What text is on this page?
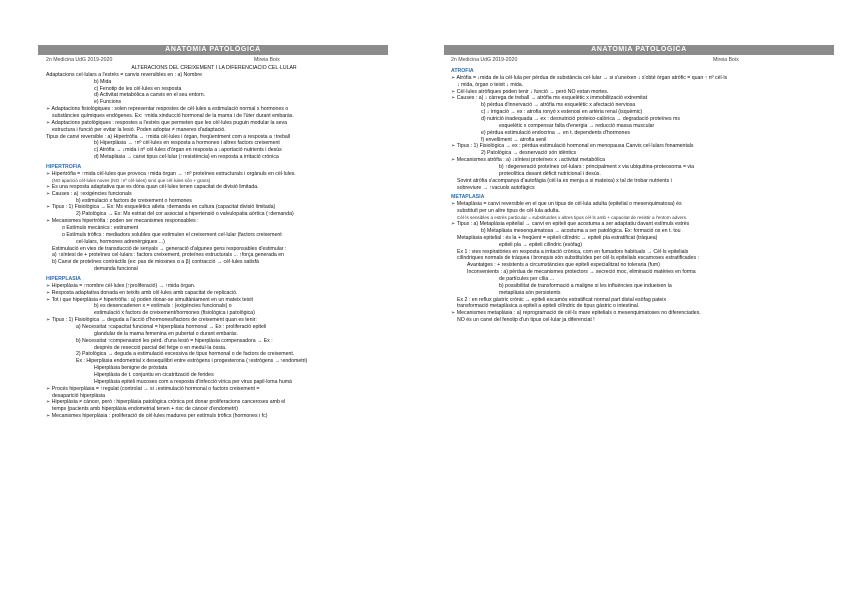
ANATOMIA PATOLÒGICA
2n Medicina UdG 2019-2020	Mireia Boix
ALTERACIONS DEL CREIXEMENT I LA DIFERENCIACIÓ CEL·LULAR
Adaptacions cel·lulars a l'estrès = canvis reversibles en : a) Nombre
b) Mida
c) Fenotip de les cèl·lules en resposta
d) Activitat metabòlica a canvis en el seu entorn.
e) Funcions
➢ Adaptacions fisiològiques : solen representar respostes de cèl·lules a estimulació normal x hormones o
substàncies químiques endògenes. Ex: ↑mida xinducció hormonal de la mama i de l'úter durant embaràs.
➢ Adaptacions patològiques : respostes a l'estrès que permeten que les cèl·lules puguin modular la seva
estructura i funció per evitar la lesió. Poden adoptar ≠ maneres d'adaptació.
Tipus de canvi reversible : a) Hipertròfia → ↑mida cèl·lules i òrgan, freqüentment com a resposta a ↑treball
b) Hiperplàsia → ↑nº cèl·lules en resposta a hormones i altres factors creixement
c) Atròfia → ↓mida i nº cèl·lules d'òrgan en resposta a ↓aportació nutrients i desús
d) Metaplàsia → canvi tipus cel·lular (↑resistència) en resposta a irritació crònica
HIPERTRÒFIA
➢ Hipertròfia = ↑mida cèl·lules que provoca ↑mida òrgan → ↑nº proteïnes estructurals i orgànuls en cèl·lules.
(NO aparició cèl·lules noves (NO ↑nº cèl·lules) sinó que cèl·lules són + grans)
➢ És una resposta adaptativa que es dóna quan cèl·lules tenen capacitat de divisió limitada.
➢ Causes : a) ↑exigències funcionals
b) estimulació x factors de creixement o hormones
➢ Tipus : 1) Fisiològica → Ex: Ms esquelètics atleta ↑demanda en cultura (capacitat divisió limitada)
2) Patològica → Ex: Ms estriat del cor associat a hipertensió o valvulopatia aòrtica (↑demanda)
➢ Mecanismes hipertròfia : poden ser mecanismes responsables :
o Estímuls mecànics : estirament
o Estímuls tròfics : mediadors solubles que estimulen el creixement cel·lular (factors creixement
cel·lulars, hormones adrenèrgiques ...)
Estimulació en vies de transducció de senyals → generació d'algunes gens responsables d'estimular :
a) ↑síntesi de + proteïnes cel·lulars : factors creixement, proteïnes estructurals ... ↑força generada en
b) Canvi de proteïnes contràctils (ex: pas de miosines α a β) contracció → cèl·lules satisfà
demanda funcional
HIPERPLÀSIA
➢ Hiperplàsia = ↑nombre cèl·lules (↑proliferació) → ↑mida òrgan.
➢ Resposta adaptativa donada en teixits amb cèl·lules amb capacitat de replicació.
➢ Tot i que hiperplàsia ≠ hipertròfia : a) poden donar-se simultàniament en un mateix teixit
b) es desencadenen x = estímuls : (exigències funcionals) o
estimulació x factors de creixement/hormones (fisiològica i patològica)
➢ Tipus : 1) Fisiològica → deguda a l'acció d'hormones/factors de creixement quan es tenir:
a) Necessitat ↑capacitat funcional = hiperplàsia hormonal → Ex : proliferació epiteli
glandular de la mama femenina en pubertat o durant embaràs.
b) Necessitat ↑compensatori les pèrd. d'una lesió = hiperplàsia compensadora → Ex :
després de resecció parcial del fetge o en medul·la òssia.
2) Patològica → deguda a estimulació excessiva de tipus hormonal o de factors de creixement.
Ex : Hiperplàsia endometrial x desequilibri entre estrògens i progesterona (↑estrògens →↑endometri)
Hiperplàsia benigne de pròstata
Hiperplàsia de t. conjuntiu en cicatrització de ferides
Hiperplàsia epiteli mucoses com a resposta d'infecció vírica per virus papil·loma humà
➢ Procés hiperplàsia = ↑regulat (controlat → si ↓estimulació hormonal o factors creixement =
desaparició hiperplàsia
➢ Hiperplàsia ≠ càncer, però : hiperplàsia patològica crònica pot donar proliferacions canceroses amb el
temps (pacients amb hiperplàsia endometrial tenen + risc de càncer d'endometri)
➢ Mecanismes hiperplàsia : proliferació de cèl·lules madures per estímuls tròfics (hormones i fc)
ANATOMIA PATOLÒGICA
2n Medicina UdG 2019-2020	Mireia Boix
ATRÒFIA
➢ Atròfia = ↓mida de la cèl·lula per pèrdua de substància cel·lular → si s'uneixen ↓ s'obté òrgan atròfic = quan ↑ nº cèl·ls
↓ mida, òrgan o teixit ↓ mida.
➢ Cèl·lules atròfiques poden tenir ↓ funció → però NO estan mortes.
➢ Causes : a) ↓ càrrega de treball → atròfia ms esquelètic x immobilització extremitat
b) pèrdua d'innervació → atròfia ms esquelètic x afectació nerviosa
c) ↓ irrigació → ex : atrofia ronyó x estenosi en artèria renal (isquèmic)
d) nutrició inadequada → ex : desnutrició proteico-calòrica → degradació proteïnes ms
esquelètic x compensar falta d'energia → reducció massa muscular
e) pèrdua estimulació endocrina → en t. dependents d'hormones
f) envelliment → atrofia senil
➢ Tipus : 1) Fisiològica → ex : pèrdua estimulació hormonal en menopausa Canvis cel·lulars fonamentals
2) Patològica → desnervació són idèntics
➢ Mecanismes atròfia : a) ↓síntesi proteïnes x ↓activitat metabòlica
b) ↑degeneració proteïnes cel·lulars : principalment x via ubiquitina-proteosoma = via
proteolítica davant dèficit nutricional i desús.
Sovint atròfia s'acompanya d'autofàgia (cèl·la es menja a si mateixa) x tal de trobar nutrients i
sobreviure → ↑vacuols autofàgics
METAPLÀSIA
➢ Metaplàsia = canvi reversible en el que un tipus de cèl·lula adulta (epitelial o mesenquimatosa) és
substituït per un altre tipus de cèl·lula adulta.
Cèl·ls sensibles a estrès particular = substituïdes x altres tipus cèl·ls amb + capacitat de resistir a l'entorn advers.
➢ Tipus : a) Metaplàsia epitelial → canvi en epiteli que acostuma a ser adaptatiu davant estímuls estrès
b) Metaplàsia mesenquimatosa → acostuma a ser patològica. Ex: formació os en t. tou
Metaplàsia epitelial : és la + freqüent = epiteli cilíndric → epiteli pla estratificat (tràquea)
epiteli pla → epiteli cilíndric (esòfag)
Ex 1 : vies respiratòries en resposta a irritació crònica, com en fumadors habituals → Cèl·ls epitelials
cilíndriques normals de tràquea i bronquis són substituïdes per cèl·ls epitelials escamoses estratificades :
Avantatges : + resistents a circumstàncies que epiteli especialitzat no toleraria (fum)
Inconvenients : a) pèrdua de mecanismes protectors → secreció moc, eliminació matèries en forma
de partícules per cília ...
b) possibilitat de transformació a maligne si les influències que indueixen la
metaplàsia són persistents
Ex 2 : en reflux gàstric crònic → epiteli escamós estratificat normal part distal esòfag pateix
transformació metaplàsica a epiteli a epiteli cilíndric de tipus gàstric o intestinal.
➢ Mecanismes metaplàsia : a) reprogramació de cèl·ls mare epitelials o mesenquimatoses no diferenciades.
NO és un canvi del fenotip d'un tipus cel·lular ja diferenciat !
